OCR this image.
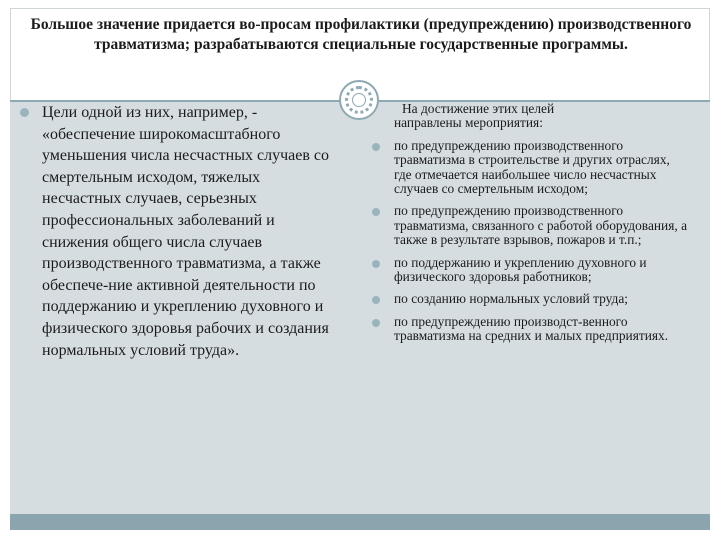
Большое значение придается во-просам профилактики (предупреждению) производственного травматизма; разрабатываются специальные государственные программы.
Цели одной из них, например, - «обеспечение широкомасштабного уменьшения числа несчастных случаев со смертельным исходом, тяжелых несчастных случаев, серьезных профессиональных заболеваний и снижения общего числа случаев производственного травматизма, а также обеспече-ние активной деятельности по поддержанию и укреплению духовного и физического здоровья рабочих и создания нормальных условий труда».
На достижение этих целей
направлены мероприятия:
по предупреждению производственного травматизма в строительстве и других отраслях, где отмечается наибольшее число несчастных случаев со смертельным исходом;
по предупреждению производственного травматизма, связанного с работой оборудования, а также в результате взрывов, пожаров и т.п.;
по поддержанию и укреплению духовного и физического здоровья работников;
по созданию нормальных условий труда;
по предупреждению производст-венного травматизма на средних и малых предприятиях.
